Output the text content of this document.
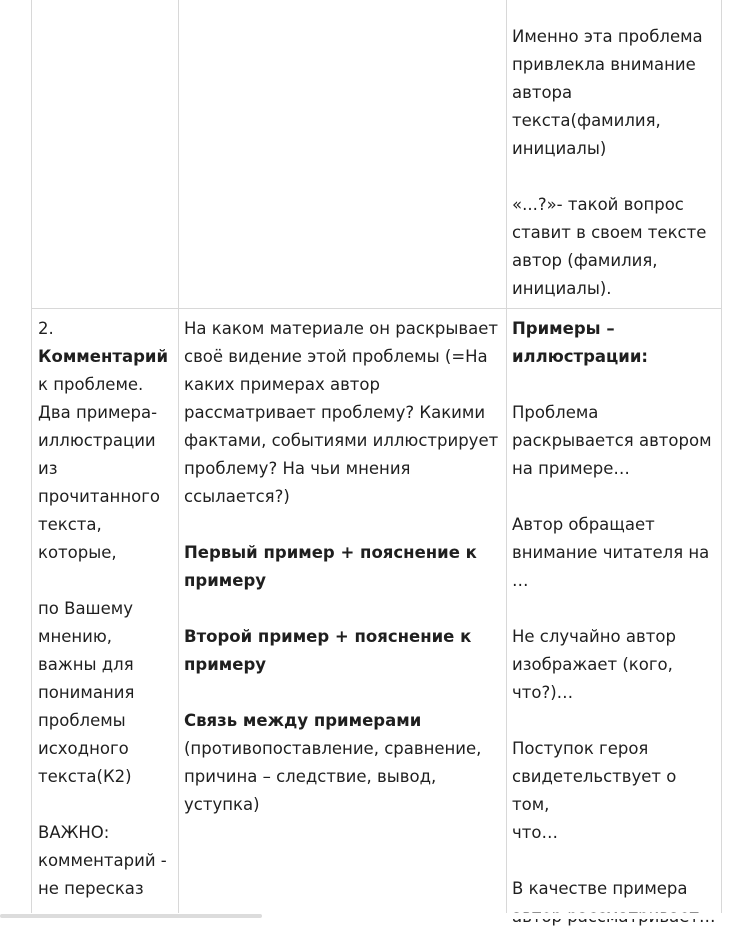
Именно эта проблема

привлекла внимание

автора

текста(фамилия,

инициалы)

«...?»- такой вопрос

ставит в своем тексте

автор (фамилия,

инициалы).

2.

Комментарий

к проблеме.

Два примера-

иллюстрации

из

прочитанного

текста,

которые,

по Вашему

мнению,

важны для

понимания

проблемы

исходного

текста(К2)

ВАЖНО:

комментарий -

не пересказ

На каком материале он раскрывает

своё видение этой проблемы (=На

каких примерах автор

рассматривает проблему? Какими

фактами, событиями иллюстрирует

проблему? На чьи мнения

ссылается?)

Первый пример + пояснение к

примеру

Второй пример + пояснение к

примеру

Связь между примерами

(противопоставление, сравнение,

причина – следствие, вывод,

уступка)

Примеры –

иллюстрации:

Проблема

раскрывается автором

на примере…

Автор обращает

внимание читателя на

…

Не случайно автор

изображает (кого,

что?)…

Поступок героя

свидетельствует о том,

что…

В качестве примера
